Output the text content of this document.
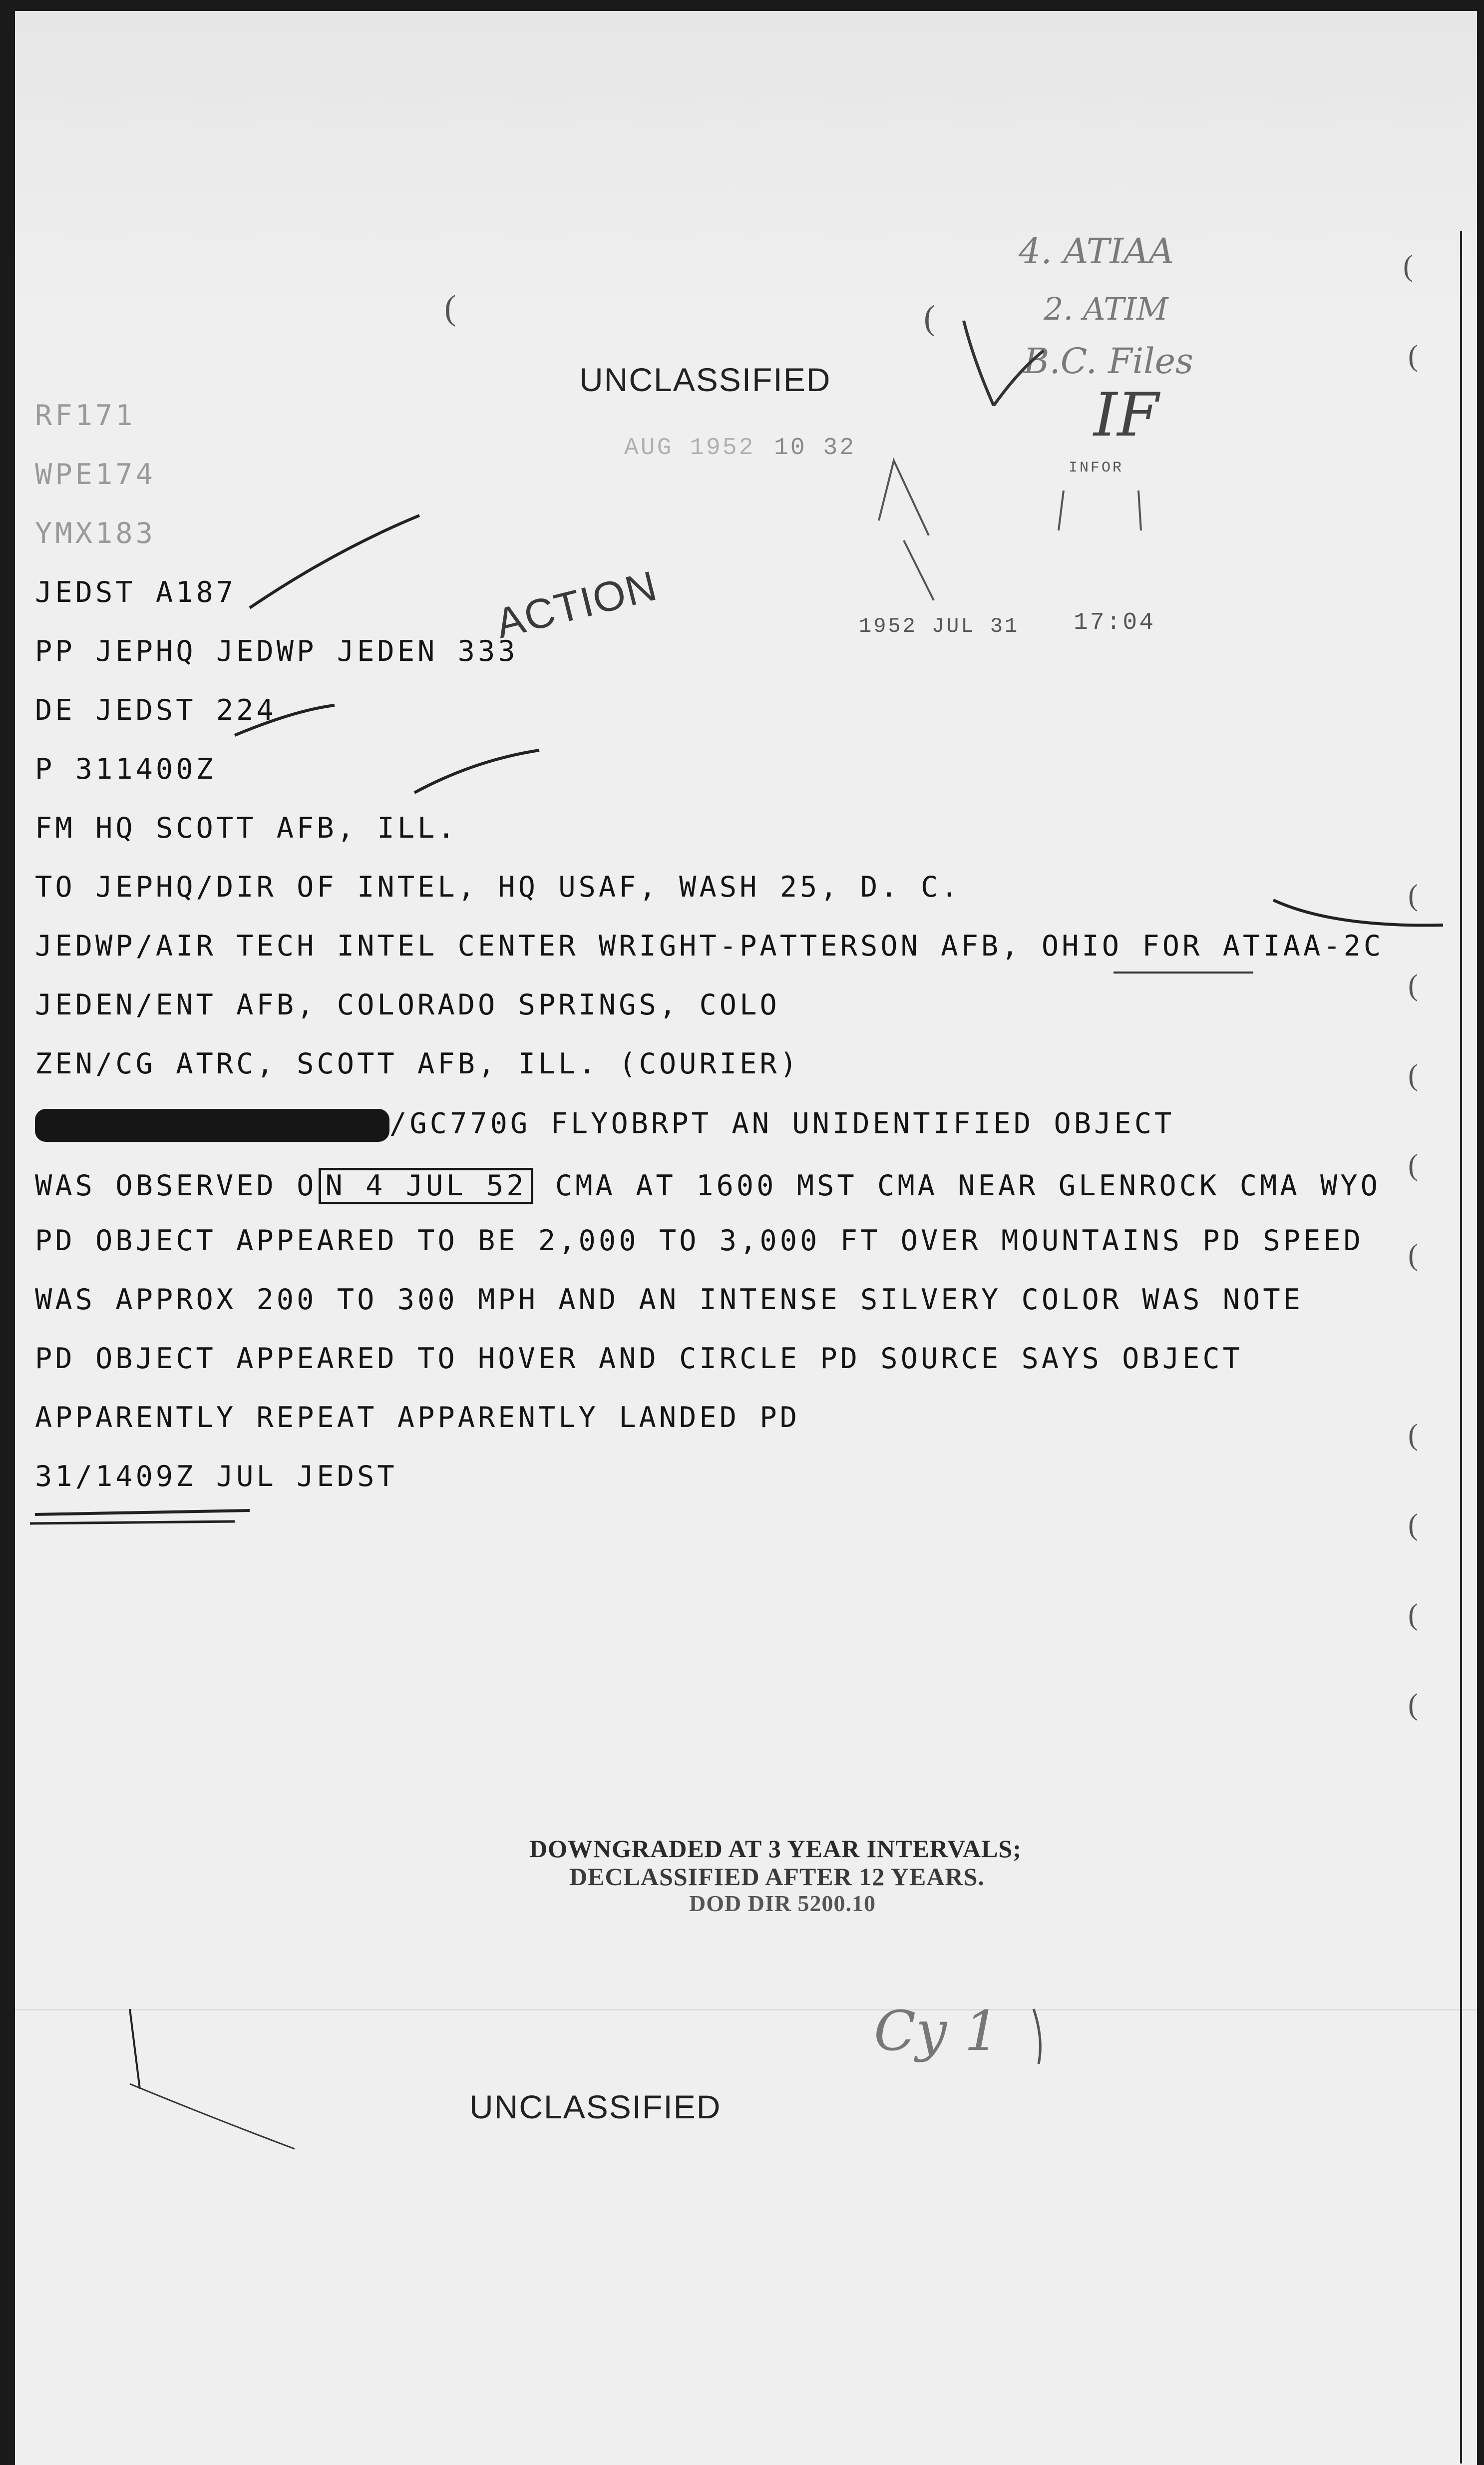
(	(
(
(
(
(
(
(
(
(
(
(
(
UNCLASSIFIED
AUG 1952 10 32
INFOR
1952 JUL 31 17:04
ACTION
4. ATIAA
2. ATIM
B.C. Files
IF
Cy 1
RF171
WPE174
YMX183
JEDST A187
PP JEPHQ JEDWP JEDEN 333
DE JEDST 224
P 311400Z
FM HQ SCOTT AFB, ILL.
TO JEPHQ/DIR OF INTEL, HQ USAF, WASH 25, D. C.
JEDWP/AIR TECH INTEL CENTER WRIGHT-PATTERSON AFB, OHIO FOR ATIAA-2C
JEDEN/ENT AFB, COLORADO SPRINGS, COLO
ZEN/CG ATRC, SCOTT AFB, ILL. (COURIER)
/GC770G FLYOBRPT AN UNIDENTIFIED OBJECT
WAS OBSERVED O N 4 JUL 52 CMA AT 1600 MST CMA NEAR GLENROCK CMA WYO
PD OBJECT APPEARED TO BE 2,000 TO 3,000 FT OVER MOUNTAINS PD SPEED
WAS APPROX 200 TO 300 MPH AND AN INTENSE SILVERY COLOR WAS NOTE
PD OBJECT APPEARED TO HOVER AND CIRCLE PD SOURCE SAYS OBJECT
APPARENTLY REPEAT APPARENTLY LANDED PD
31/1409Z JUL JEDST
DOWNGRADED AT 3 YEAR INTERVALS;
DECLASSIFIED AFTER 12 YEARS.
DOD DIR 5200.10
UNCLASSIFIED
